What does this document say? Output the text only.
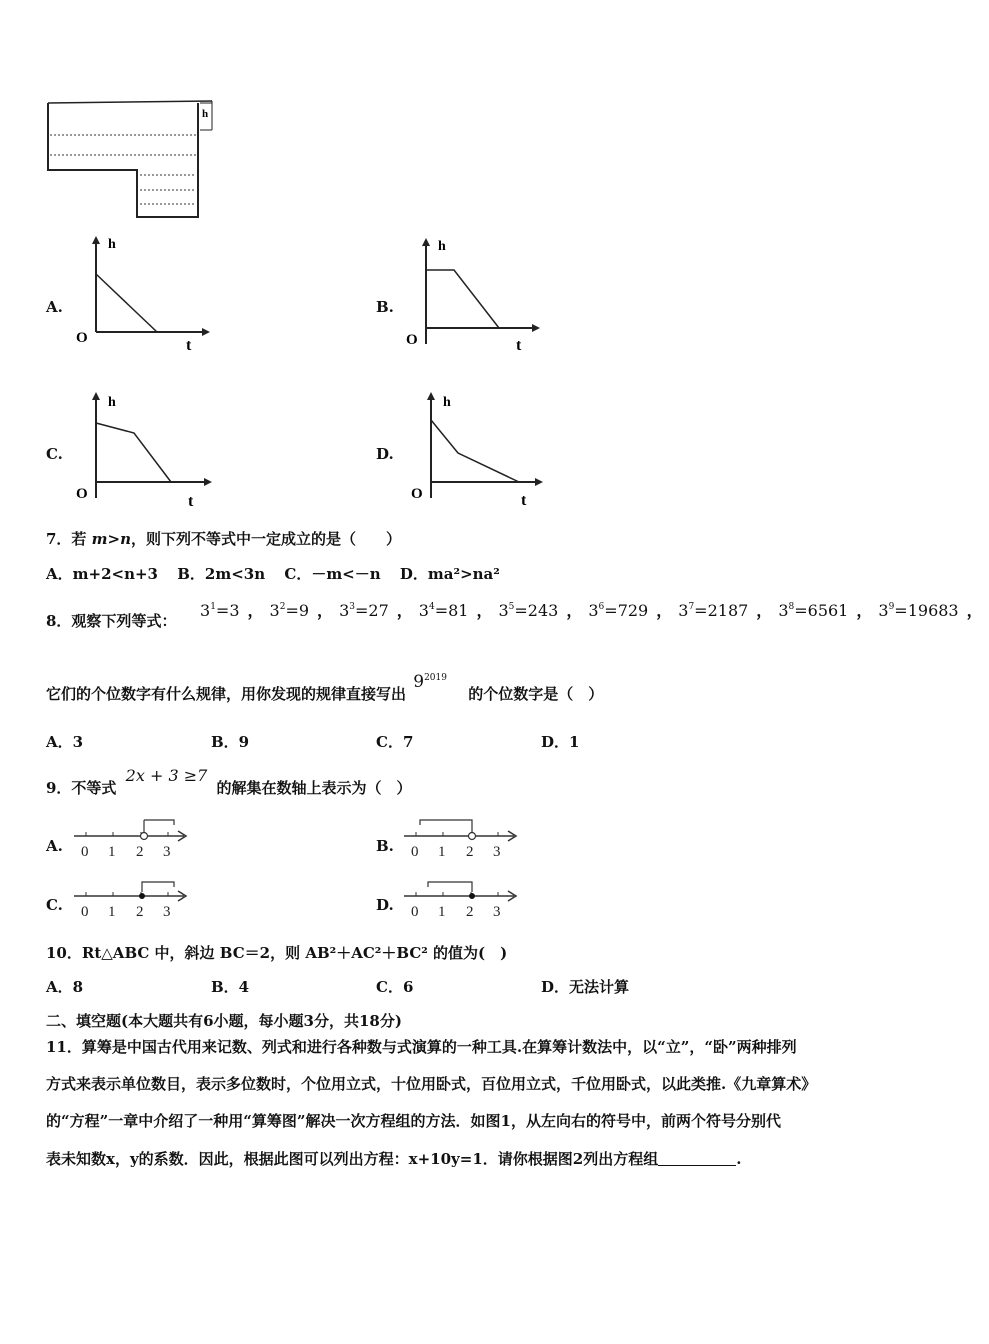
h
A.
h
t
O
B.
h
t
O
C.
h
t
O
D.
h
t
O
7．若 m>n，则下列不等式中一定成立的是（　　）
A．m+2<n+3 B．2m<3n C．－m<－n D．ma²>na²
8．观察下列等式：
$3^1=3$ ， $3^2=9$ ， $3^3=27$ ， $3^4=81$ ， $3^5=243$ ， $3^6=729$ ， $3^7=2187$ ， $3^8=6561$ ， $3^9=19683$ ，
它们的个位数字有什么规律，用你发现的规律直接写出 $9^{2019}$ 的个位数字是（　）
A．3	B．9	C．7	D．1
9．不等式 2x + 3 ≥7 的解集在数轴上表示为（　）
A. 0 1 2 3	B. 0 1 2 3
C. 0 1 2 3	D. 0 1 2 3
10．Rt△ABC 中，斜边 BC＝2，则 AB²＋AC²＋BC² 的值为(　)
A．8	B．4	C．6	D．无法计算
二、填空题(本大题共有6小题，每小题3分，共18分)
11．算筹是中国古代用来记数、列式和进行各种数与式演算的一种工具.在算筹计数法中，以“立”，“卧”两种排列
方式来表示单位数目，表示多位数时，个位用立式，十位用卧式，百位用立式，千位用卧式，以此类推.《九章算术》
的“方程”一章中介绍了一种用“算筹图”解决一次方程组的方法．如图1，从左向右的符号中，前两个符号分别代
表未知数x，y的系数．因此，根据此图可以列出方程：x+10y=1．请你根据图2列出方程组	.
